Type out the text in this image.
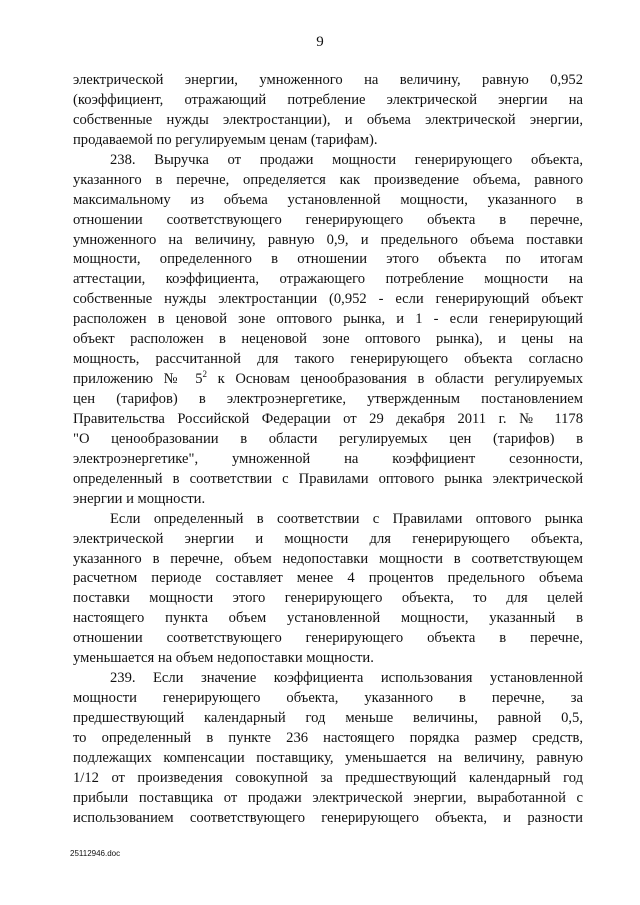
9
электрической энергии, умноженного на величину, равную 0,952
(коэффициент, отражающий потребление электрической энергии на
собственные нужды электростанции), и объема электрической энергии,
продаваемой по регулируемым ценам (тарифам).
238. Выручка от продажи мощности генерирующего объекта,
указанного в перечне, определяется как произведение объема, равного
максимальному из объема установленной мощности, указанного в
отношении соответствующего генерирующего объекта в перечне,
умноженного на величину, равную 0,9, и предельного объема поставки
мощности, определенного в отношении этого объекта по итогам
аттестации, коэффициента, отражающего потребление мощности на
собственные нужды электростанции (0,952 - если генерирующий объект
расположен в ценовой зоне оптового рынка, и 1 - если генерирующий
объект расположен в неценовой зоне оптового рынка), и цены на
мощность, рассчитанной для такого генерирующего объекта согласно
приложению № $5^2$ к Основам ценообразования в области регулируемых
цен (тарифов) в электроэнергетике, утвержденным постановлением
Правительства Российской Федерации от 29 декабря 2011 г. № 1178
"О ценообразовании в области регулируемых цен (тарифов) в
электроэнергетике", умноженной на коэффициент сезонности,
определенный в соответствии с Правилами оптового рынка электрической
энергии и мощности.
Если определенный в соответствии с Правилами оптового рынка
электрической энергии и мощности для генерирующего объекта,
указанного в перечне, объем недопоставки мощности в соответствующем
расчетном периоде составляет менее 4 процентов предельного объема
поставки мощности этого генерирующего объекта, то для целей
настоящего пункта объем установленной мощности, указанный в
отношении соответствующего генерирующего объекта в перечне,
уменьшается на объем недопоставки мощности.
239. Если значение коэффициента использования установленной
мощности генерирующего объекта, указанного в перечне, за
предшествующий календарный год меньше величины, равной 0,5,
то определенный в пункте 236 настоящего порядка размер средств,
подлежащих компенсации поставщику, уменьшается на величину, равную
1/12 от произведения совокупной за предшествующий календарный год
прибыли поставщика от продажи электрической энергии, выработанной с
использованием соответствующего генерирующего объекта, и разности
25112946.doc
